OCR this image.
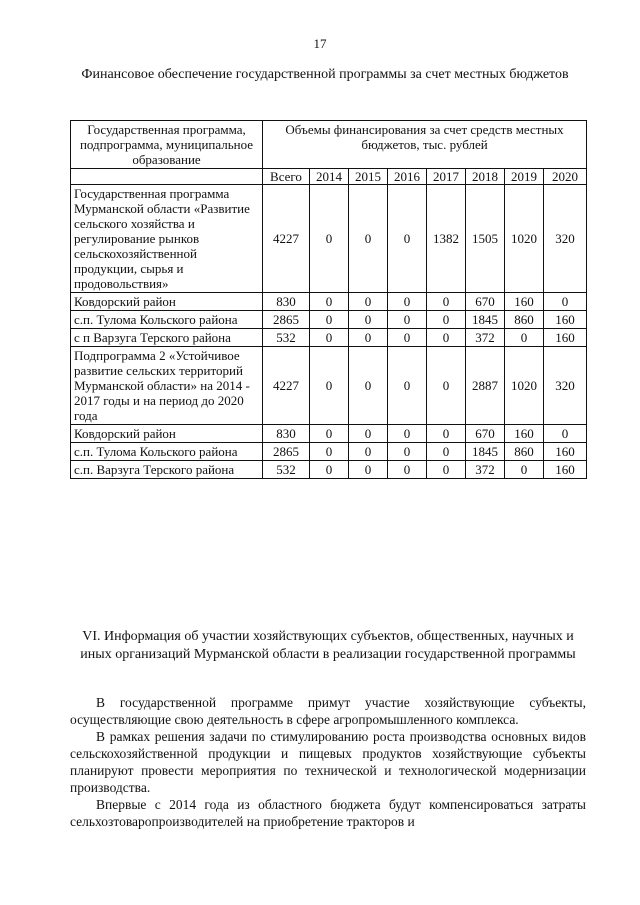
17
Финансовое обеспечение государственной программы за счет местных бюджетов
Государственная программа, подпрограмма, муниципальное образование	Объемы финансирования за счет средств местных бюджетов, тыс. рублей							
	Всего	2014	2015	2016	2017	2018	2019	2020
Государственная программа Мурманской области «Развитие сельского хозяйства и регулирование рынков сельскохозяйственной продукции, сырья и продовольствия»	4227	0	0	0	1382	1505	1020	320
Ковдорский район	830	0	0	0	0	670	160	0
с.п. Тулома Кольского района	2865	0	0	0	0	1845	860	160
с п Варзуга Терского района	532	0	0	0	0	372	0	160
Подпрограмма 2 «Устойчивое развитие сельских территорий Мурманской области» на 2014 - 2017 годы и на период до 2020 года	4227	0	0	0	0	2887	1020	320
Ковдорский район	830	0	0	0	0	670	160	0
с.п. Тулома Кольского района	2865	0	0	0	0	1845	860	160
с.п. Варзуга Терского района	532	0	0	0	0	372	0	160
VI. Информация об участии хозяйствующих субъектов, общественных, научных и иных организаций Мурманской области в реализации государственной программы

В государственной программе примут участие хозяйствующие субъекты, осуществляющие свою деятельность в сфере агропромышленного комплекса.

В рамках решения задачи по стимулированию роста производства основных видов сельскохозяйственной продукции и пищевых продуктов хозяйствующие субъекты планируют провести мероприятия по технической и технологической модернизации производства.

Впервые с 2014 года из областного бюджета будут компенсироваться затраты сельхозтоваропроизводителей на приобретение тракторов и
